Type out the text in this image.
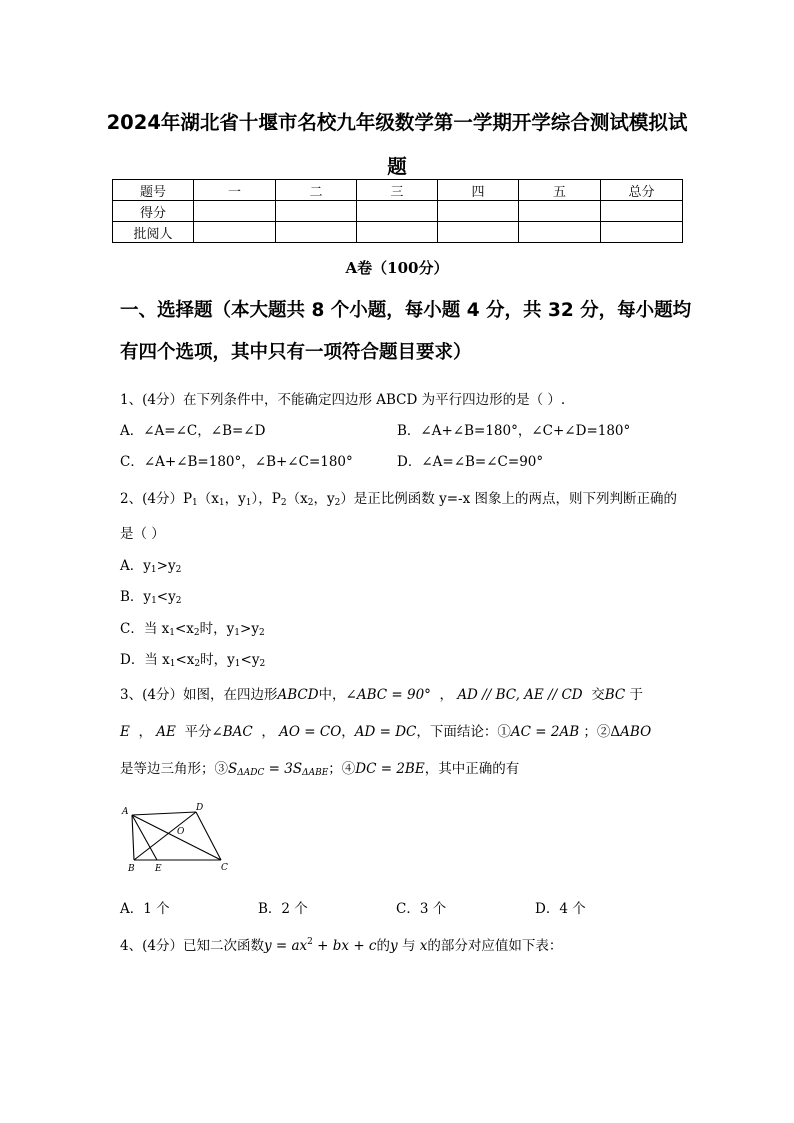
2024年湖北省十堰市名校九年级数学第一学期开学综合测试模拟试
题
题号	一	二	三	四	五	总分
得分						
批阅人						
A卷（100分）
一、选择题（本大题共 8 个小题，每小题 4 分，共 32 分，每小题均
有四个选项，其中只有一项符合题目要求）
1、(4分）在下列条件中，不能确定四边形 ABCD 为平行四边形的是（ ）.
A．∠A=∠C，∠B=∠D	B．∠A+∠B=180°，∠C+∠D=180°
C．∠A+∠B=180°，∠B+∠C=180°	D．∠A=∠B=∠C=90°
2、(4分）$P_1(x_1$，$y_1$），$P_2(x_2$，$y_2$）是正比例函数 y=-x 图象上的两点，则下列判断正确的
是（ ）
A．$y_1>y_2$
B．$y_1<y_2$
C．当 $x_1<x_2$时，$y_1>y_2$
D．当 $x_1<x_2$时，$y_1<y_2$
3、(4分）如图，在四边形ABCD中，∠ABC = 90° ， AD // BC, AE // CD 交BC 于
E ， AE 平分∠BAC ， AO = CO，AD = DC，下面结论：①AC = 2AB ；②ΔABO
是等边三角形；$③S_{\Delta ADC} = 3S_{\Delta ABE}$；④DC = 2BE，其中正确的有
A	D
O
B E	C
A．1 个	B．2 个	C．3 个	D．4 个
4、(4分）已知二次函数$y = ax^2$ + bx + c的y 与 x的部分对应值如下表：
